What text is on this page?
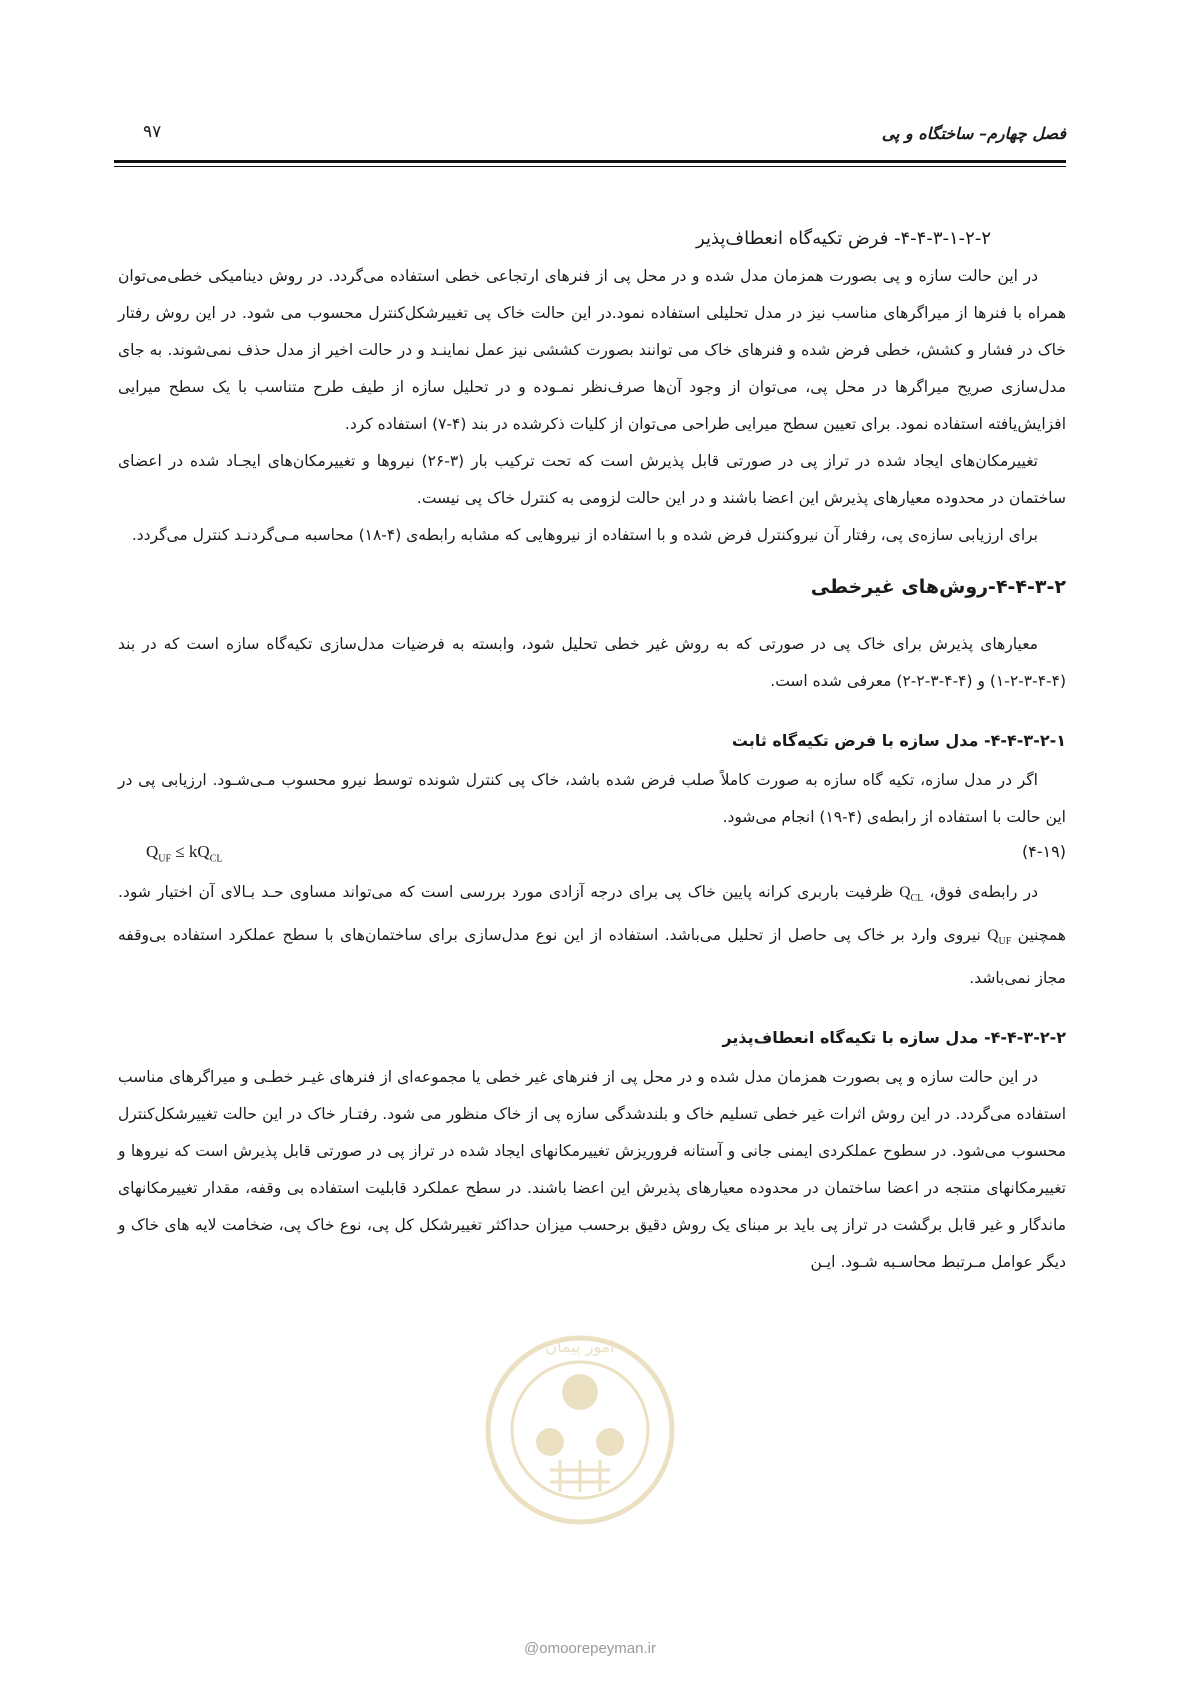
فصل چهارم– ساختگاه و پی
۹۷
۴-۴-۳-۱-۲-۲- فرض تکیه‌گاه انعطاف‌پذیر

در این حالت سازه و پی بصورت همزمان مدل شده و در محل پی از فنرهای ارتجاعی خطی استفاده می‌گردد. در روش دینامیکی خطی‌می‌توان همراه با فنرها از میراگرهای مناسب نیز در مدل تحلیلی استفاده نمود.در این حالت خاک پی تغییرشکل‌کنترل محسوب می شود. در این روش رفتار خاک در فشار و کشش، خطی فرض شده و فنرهای خاک می توانند بصورت کششی نیز عمل نماینـد و در حالت اخیر از مدل حذف نمی‌شوند. به جای مدل‌سازی صریح میراگرها در محل پی، می‌توان از وجود آن‌ها صرف‌نظر نمـوده و در تحلیل سازه از طیف طرح متناسب با یک سطح میرایی افزایش‌یافته استفاده نمود. برای تعیین سطح میرایی طراحی می‌توان از کلیات ذکرشده در بند (۴-۷) استفاده کرد.

تغییرمکان‌های ایجاد شده در تراز پی در صورتی قابل پذیرش است که تحت ترکیب بار (۳-۲۶) نیروها و تغییرمکان‌های ایجـاد شده در اعضای ساختمان در محدوده معیارهای پذیرش این اعضا باشند و در این حالت لزومی به کنترل خاک پی نیست.

برای ارزیابی سازه‌ی پی، رفتار آن نیروکنترل فرض شده و با استفاده از نیروهایی که مشابه رابطه‌ی (۴-۱۸) محاسبه مـی‌گردنـد کنترل می‌گردد.

۴-۴-۳-۲-روش‌های غیرخطی

معیارهای پذیرش برای خاک پی در صورتی که به روش غیر خطی تحلیل شود، وابسته به فرضیات مدل‌سازی تکیه‌گاه سازه است که در بند (۴-۴-۳-۲-۱) و (۴-۴-۳-۲-۲) معرفی شده است.

۴-۴-۳-۲-۱- مدل سازه با فرض تکیه‌گاه ثابت

اگر در مدل سازه، تکیه گاه سازه به صورت کاملاً صلب فرض شده باشد، خاک پی کنترل شونده توسط نیرو محسوب مـی‌شـود. ارزیابی پی در این حالت با استفاده از رابطه‌ی (۴-۱۹) انجام می‌شود.

(۴-۱۹)
$Q_{UF} \le kQ_{CL}$

در رابطه‌ی فوق، $Q_{CL}$ ظرفیت باربری کرانه پایین خاک پی برای درجه آزادی مورد بررسی است که می‌تواند مساوی حـد بـالای آن اختیار شود. همچنین $Q_{UF}$ نیروی وارد بر خاک پی حاصل از تحلیل می‌باشد. استفاده از این نوع مدل‌سازی برای ساختمان‌های با سطح عملکرد استفاده بی‌وقفه مجاز نمی‌باشد.

۴-۴-۳-۲-۲- مدل سازه با تکیه‌گاه انعطاف‌پذیر

در این حالت سازه و پی بصورت همزمان مدل شده و در محل پی از فنرهای غیر خطی یا مجموعه‌ای از فنرهای غیـر خطـی و میراگرهای مناسب استفاده می‌گردد. در این روش اثرات غیر خطی تسلیم خاک و بلندشدگی سازه پی از خاک منظور می شود. رفتـار خاک در این حالت تغییرشکل‌کنترل محسوب می‌شود. در سطوح عملکردی ایمنی جانی و آستانه فروریزش تغییرمکانهای ایجاد شده در تراز پی در صورتی قابل پذیرش است که نیروها و تغییرمکانهای منتجه در اعضا ساختمان در محدوده معیارهای پذیرش این اعضا باشند. در سطح عملکرد قابلیت استفاده بی وقفه، مقدار تغییرمکانهای ماندگار و غیر قابل برگشت در تراز پی باید بر مبنای یک روش دقیق برحسب میزان حداکثر تغییرشکل کل پی، نوع خاک پی، ضخامت لایه های خاک و دیگر عوامل مـرتبط محاسـبه شـود. ایـن

امور پیمان
@omoorepeyman.ir
